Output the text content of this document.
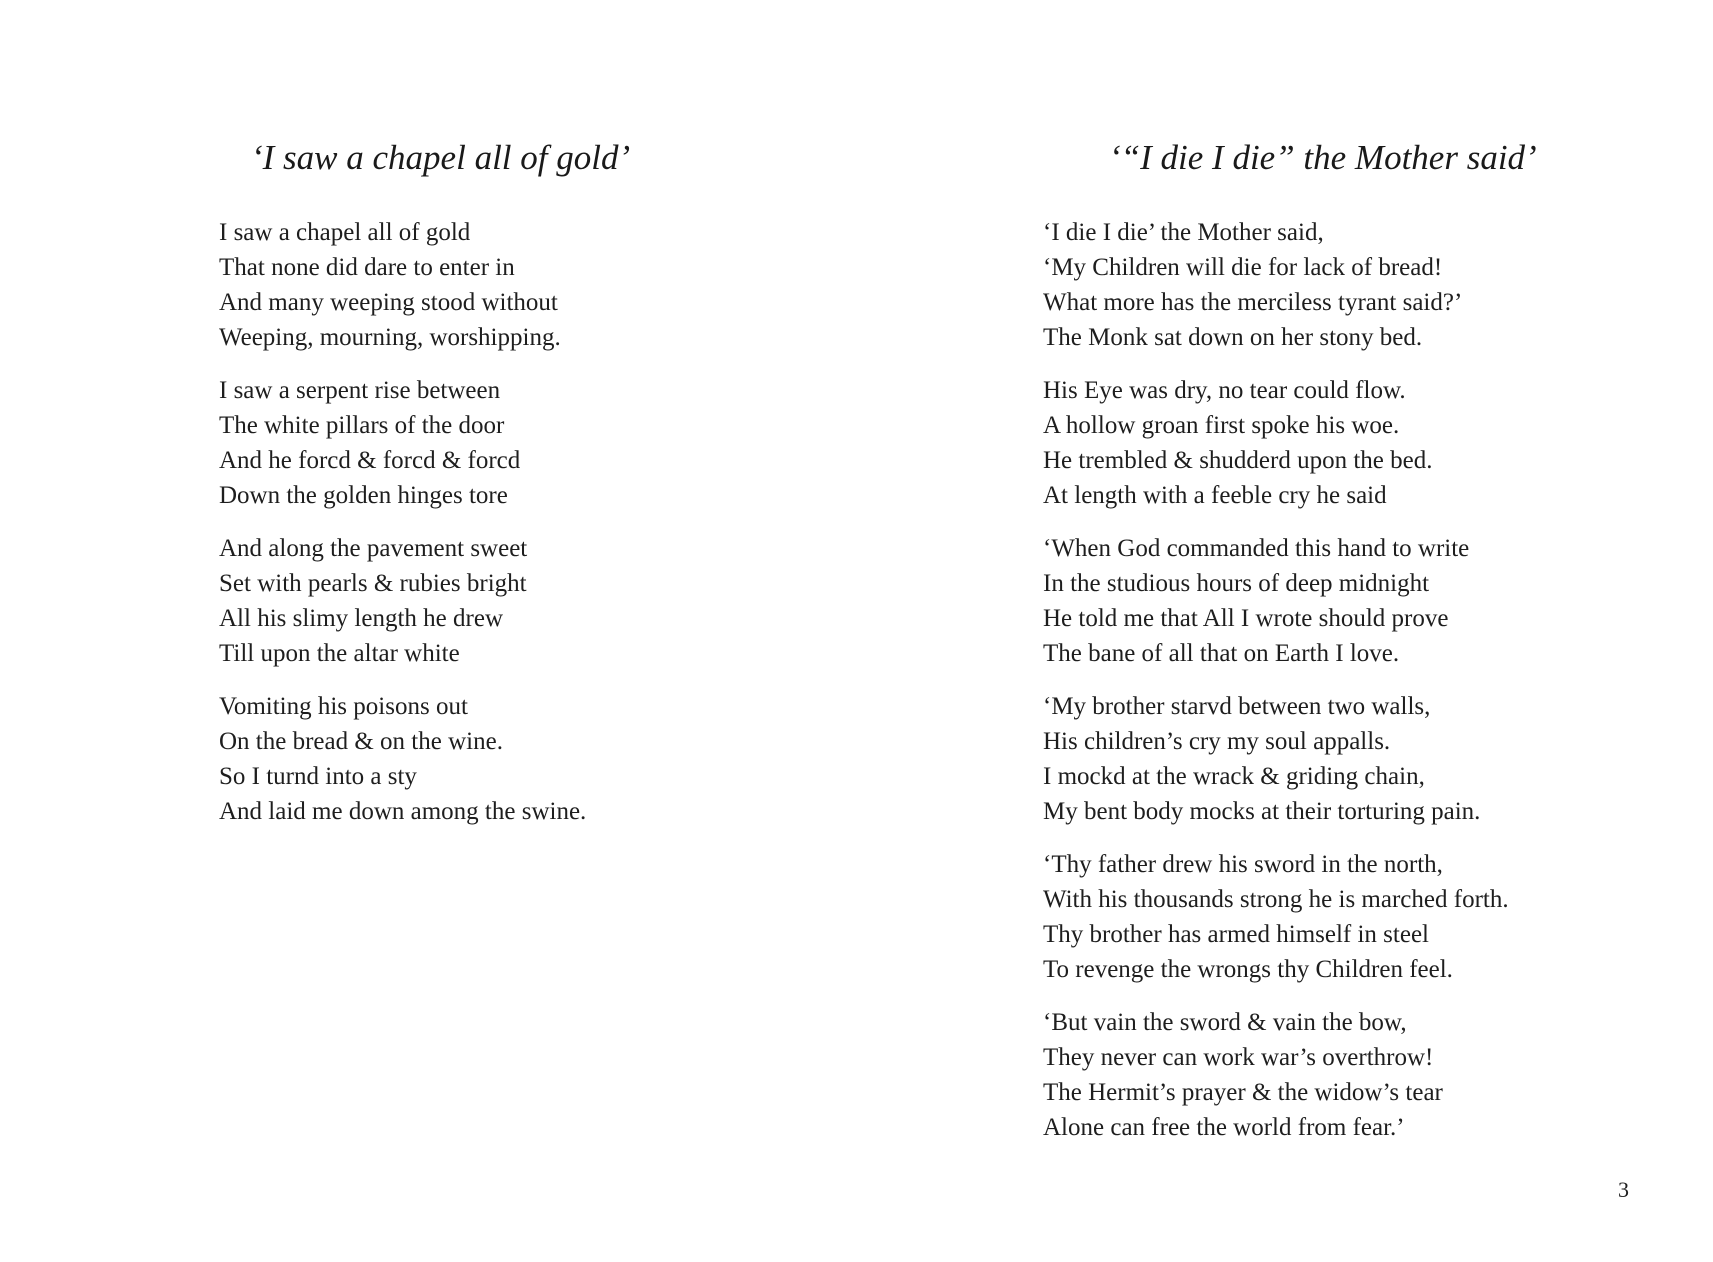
‘I saw a chapel all of gold’

I saw a chapel all of gold
That none did dare to enter in
And many weeping stood without
Weeping, mourning, worshipping.

I saw a serpent rise between
The white pillars of the door
And he forcd & forcd & forcd
Down the golden hinges tore

And along the pavement sweet
Set with pearls & rubies bright
All his slimy length he drew
Till upon the altar white

Vomiting his poisons out
On the bread & on the wine.
So I turnd into a sty
And laid me down among the swine.

‘“I die I die” the Mother said’

‘I die I die’ the Mother said,
‘My Children will die for lack of bread!
What more has the merciless tyrant said?’
The Monk sat down on her stony bed.

His Eye was dry, no tear could flow.
A hollow groan first spoke his woe.
He trembled & shudderd upon the bed.
At length with a feeble cry he said

‘When God commanded this hand to write
In the studious hours of deep midnight
He told me that All I wrote should prove
The bane of all that on Earth I love.

‘My brother starvd between two walls,
His children’s cry my soul appalls.
I mockd at the wrack & griding chain,
My bent body mocks at their torturing pain.

‘Thy father drew his sword in the north,
With his thousands strong he is marched forth.
Thy brother has armed himself in steel
To revenge the wrongs thy Children feel.

‘But vain the sword & vain the bow,
They never can work war’s overthrow!
The Hermit’s prayer & the widow’s tear
Alone can free the world from fear.’

3
